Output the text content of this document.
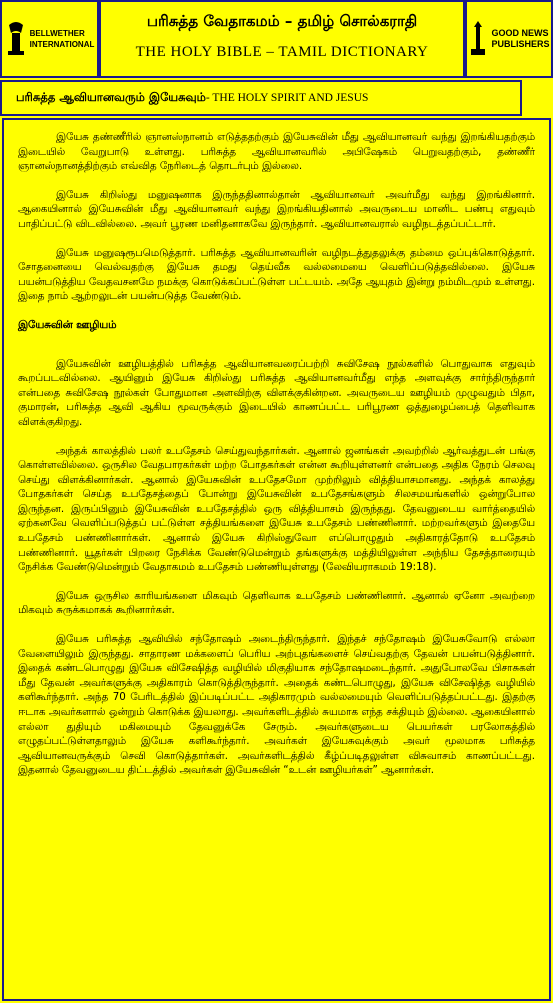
BELLWETHER
INTERNATIONAL
பரிசுத்த வேதாகமம் – தமிழ் சொல்கராதி
THE HOLY BIBLE – TAMIL DICTIONARY
GOOD NEWS
PUBLISHERS
பரிசுத்த ஆவியானவரும் இயேசுவும் - THE HOLY SPIRIT AND JESUS

இயேசு தண்ணீரில் ஞானஸ்நானம் எடுத்ததற்கும் இயேசுவின் மீது ஆவியானவர் வந்து இறங்கியதற்கும் இடையில் வேறுபாடு உள்ளது. பரிசுத்த ஆவியானவரில் அபிஷேகம் பெறுவதற்கும், தண்ணீர் ஞானஸ்நானத்திற்கும் எவ்வித நேரிடைத் தொடர்பும் இல்லை.

இயேசு கிறிஸ்து மனுஷனாக இருந்ததினால்தான் ஆவியானவர் அவர்மீது வந்து இறங்கினார். ஆகையினால் இயேசுவின் மீது ஆவியானவர் வந்து இறங்கியதினால் அவருடைய மானிட பண்பு எதுவும் பாதிப்பட்டு விடவில்லை. அவர் பூரண மனிதனாகவே இருந்தார். ஆவியானவரால் வழிநடத்தப்பட்டார்.

இயேசு மனுஷரூபமெடுத்தார். பரிசுத்த ஆவியானவரின் வழிநடத்துதலுக்கு தம்மை ஒப்புக்கொடுத்தார். சோதனையை வெல்வதற்கு இயேசு தமது தெய்வீக வல்லமையை வெளிப்படுத்தவில்லை. இயேசு பயன்படுத்திய வேதவசனமே நமக்கு கொடுக்கப்பட்டுள்ள பட்டயம். அதே ஆயுதம் இன்று நம்மிடமும் உள்ளது. இதை நாம் ஆற்றலுடன் பயன்படுத்த வேண்டும்.

இயேசுவின் ஊழியம்

இயேசுவின் ஊழியத்தில் பரிசுத்த ஆவியானவரைப்பற்றி சுவிசேஷ நூல்களில் பொதுவாக எதுவும் கூறப்படவில்லை. ஆயினும் இயேசு கிறிஸ்து பரிசுத்த ஆவியானவர்மீது எந்த அளவுக்கு சார்ந்திருந்தார் என்பதை சுவிசேஷ நூல்கள் போதுமான அளவிற்கு விளக்குகின்றன. அவருடைய ஊழியம் முழுவதும் பிதா, குமாரன், பரிசுத்த ஆவி ஆகிய மூவருக்கும் இடையில் காணப்பட்ட பரிபூரண ஒத்துழைப்பைத் தெளிவாக விளக்குகிறது.

அந்தக் காலத்தில் பலர் உபதேசம் செய்துவந்தார்கள். ஆனால் ஜனங்கள் அவற்றில் ஆர்வத்துடன் பங்கு கொள்ளவில்லை. ஒருசில வேதபாரகர்கள் மற்ற போதகர்கள் என்ன கூறியுள்ளனர் என்பதை அதிக நேரம் செலவு செய்து விளக்கினார்கள். ஆனால் இயேசுவின் உபதேசமோ முற்றிலும் வித்தியாசமானது. அந்தக் காலத்து போதகர்கள் செய்த உபதேசத்தைப் போன்று இயேசுவின் உபதேசங்களும் சிலசமயங்களில் ஒன்றுபோல இருந்தன. இருப்பினும் இயேசுவின் உபதேசத்தில் ஒரு வித்தியாசம் இருந்தது. தேவனுடைய வார்த்தையில் ஏற்கனவே வெளிப்படுத்தப் பட்டுள்ள சத்தியங்களை இயேசு உபதேசம் பண்ணினார். மற்றவர்களும் இதையே உபதேசம் பண்ணினார்கள். ஆனால் இயேசு கிறிஸ்துவோ எப்பொழுதும் அதிகாரத்தோடு உபதேசம் பண்ணினார். யூதர்கள் பிறரை நேசிக்க வேண்டுமென்றும் தங்களுக்கு மத்தியிலுள்ள அந்நிய தேசத்தாரையும் நேசிக்க வேண்டுமென்றும் வேதாகமம் உபதேசம் பண்ணியுள்ளது (லேவியராகமம் 19:18).

இயேசு ஒருசில காரியங்களை மிகவும் தெளிவாக உபதேசம் பண்ணினார். ஆனால் ஏனோ அவற்றை மிகவும் சுருக்கமாகக் கூறினார்கள்.

இயேசு பரிசுத்த ஆவியில் சந்தோஷம் அடைந்திருந்தார். இந்தச் சந்தோஷம் இயேசுவோடு எல்லா வேளையிலும் இருந்தது. சாதாரண மக்களைப் பெரிய அற்புதங்களைச் செய்வதற்கு தேவன் பயன்படுத்தினார். இதைக் கண்டபொழுது இயேசு விசேஷித்த வழியில் மிகுதியாக சந்தோஷமடைந்தார். அதுபோலவே பிசாசுகள் மீது தேவன் அவர்களுக்கு அதிகாரம் கொடுத்திருந்தார். அதைக் கண்டபொழுது, இயேசு விசேஷித்த வழியில் களிகூர்ந்தார். அந்த 70 பேரிடத்தில் இப்படிப்பட்ட அதிகாரமும் வல்லமையும் வெளிப்படுத்தப்பட்டது. இதற்கு ஈடாக அவர்களால் ஒன்றும் கொடுக்க இயலாது. அவர்களிடத்தில் சுயமாக எந்த சக்தியும் இல்லை. ஆகையினால் எல்லா துதியும் மகிமையும் தேவனுக்கே சேரும். அவர்களுடைய பெயர்கள் பரலோகத்தில் எழுதப்பட்டுள்ளதாலும் இயேசு களிகூர்ந்தார். அவர்கள் இயேசுவுக்கும் அவர் மூலமாக பரிசுத்த ஆவியானவருக்கும் செவி கொடுத்தார்கள். அவர்களிடத்தில் கீழ்ப்படிதலுள்ள விசுவாசம் காணப்பட்டது. இதனால் தேவனுடைய திட்டத்தில் அவர்கள் இயேசுவின் “உடன் ஊழியர்கள்” ஆனார்கள்.
